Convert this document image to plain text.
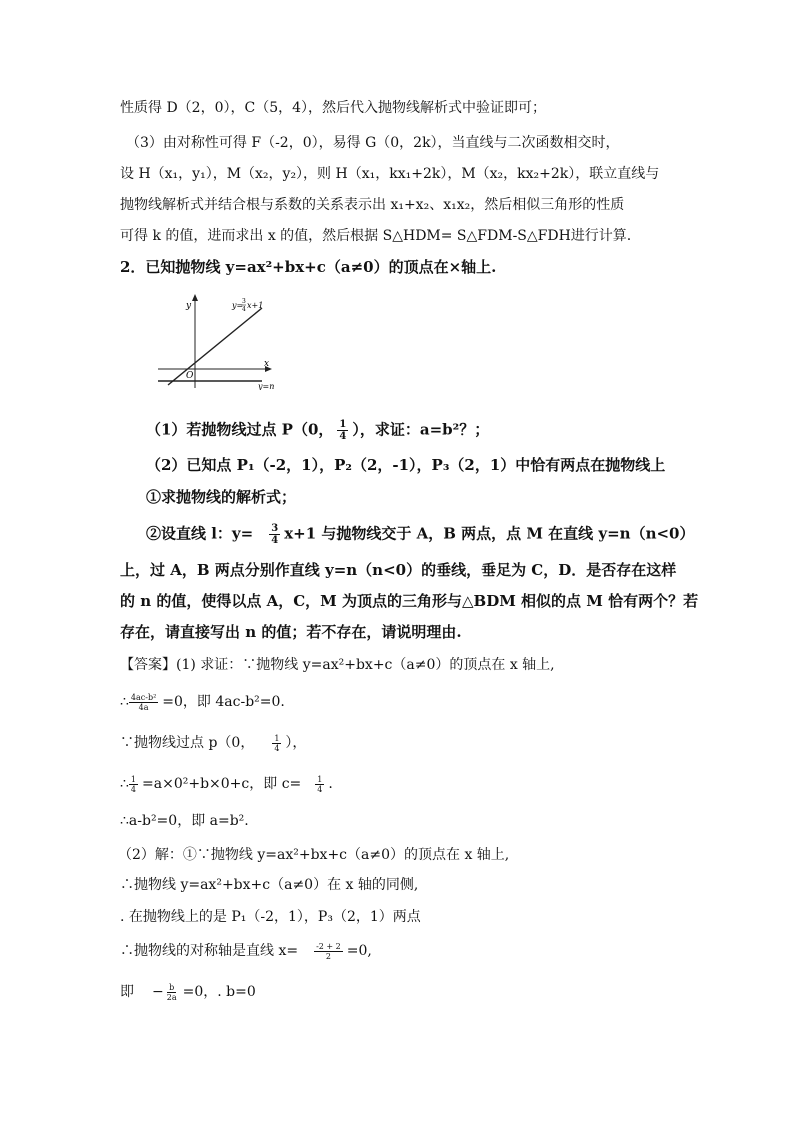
性质得 D（2，0），C（5，4），然后代入抛物线解析式中验证即可；
（3）由对称性可得 F（-2，0），易得 G（0，2k），当直线与二次函数相交时，
设 H（x₁，y₁），M（x₂，y₂），则 H（x₁，kx₁+2k），M（x₂，kx₂+2k），联立直线与
抛物线解析式并结合根与系数的关系表示出 x₁+x₂、x₁x₂，然后相似三角形的性质
可得 k 的值，进而求出 x 的值，然后根据 S△HDM= S△FDM-S△FDH进行计算.
2．已知抛物线 y=ax²+bx+c（a≠0）的顶点在×轴上.
y
x
O
y=n
y=
3
4 x+1
（1）若抛物线过点 P（0， $\frac{1}{4}$ ），求证：a=b²？；
（2）已知点 P₁（-2，1），P₂（2，-1），P₃（2，1）中恰有两点在抛物线上
①求抛物线的解析式；
②设直线 l：$y= \frac{3}{4} x+1$ 与抛物线交于 A，B 两点，点 M 在直线 y=n（n<0）
上，过 A，B 两点分别作直线 y=n（n<0）的垂线，垂足为 C，D．是否存在这样
的 n 的值，使得以点 A，C，M 为顶点的三角形与△BDM 相似的点 M 恰有两个？若
存在，请直接写出 n 的值；若不存在，请说明理由.
【答案】(1) 求证：∵抛物线 y=ax²+bx+c（a≠0）的顶点在 x 轴上,
∴ $\frac{\text{4ac-b²}}{4a} =0$，即 4ac-b²=0.
∵抛物线过点 p（0， $\frac{1}{4}$ ），
∴ $\frac{1}{4} =a\times 0^2+b\times 0+c$，即 $c= \frac{1}{4}$ .
∴a-b²=0，即 a=b².
（2）解：①∵抛物线 y=ax²+bx+c（a≠0）的顶点在 x 轴上,
∴抛物线 y=ax²+bx+c（a≠0）在 x 轴的同侧,
. 在抛物线上的是 P₁（-2，1），P₃（2，1）两点
∴抛物线的对称轴是直线 $x= \frac{-2 + 2}{2} =0$,
即 − $\frac{b}{2a} =0$，. b=0
